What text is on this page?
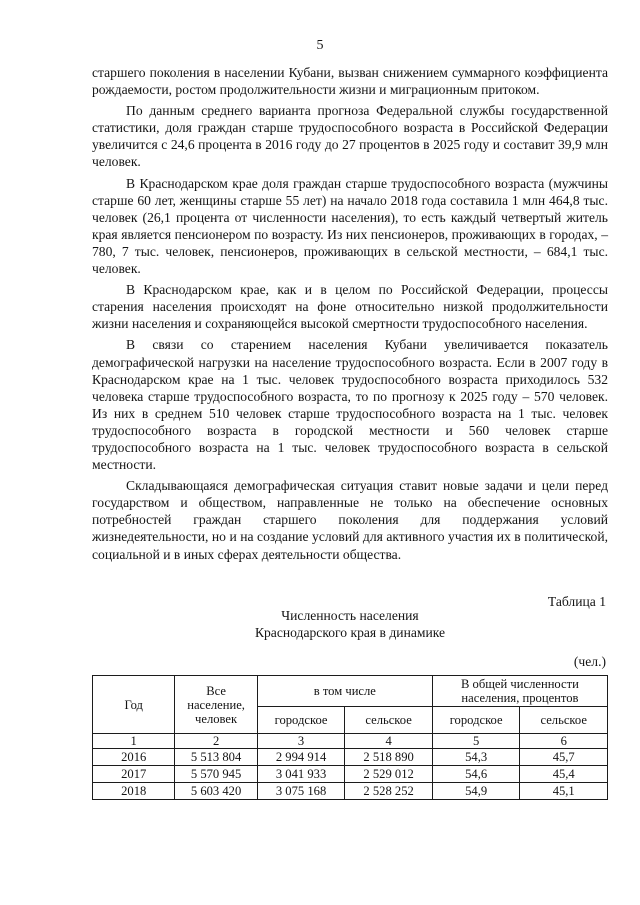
5

старшего поколения в населении Кубани, вызван снижением суммарного коэффициента рождаемости, ростом продолжительности жизни и миграционным притоком.

По данным среднего варианта прогноза Федеральной службы государственной статистики, доля граждан старше трудоспособного возраста в Российской Федерации увеличится с 24,6 процента в 2016 году до 27 процентов в 2025 году и составит 39,9 млн человек.

В Краснодарском крае доля граждан старше трудоспособного возраста (мужчины старше 60 лет, женщины старше 55 лет) на начало 2018 года составила 1 млн 464,8 тыс. человек (26,1 процента от численности населения), то есть каждый четвертый житель края является пенсионером по возрасту. Из них пенсионеров, проживающих в городах, – 780, 7 тыс. человек, пенсионеров, проживающих в сельской местности, – 684,1 тыс. человек.

В Краснодарском крае, как и в целом по Российской Федерации, процессы старения населения происходят на фоне относительно низкой продолжительности жизни населения и сохраняющейся высокой смертности трудоспособного населения.

В связи со старением населения Кубани увеличивается показатель демографической нагрузки на население трудоспособного возраста. Если в 2007 году в Краснодарском крае на 1 тыс. человек трудоспособного возраста приходилось 532 человека старше трудоспособного возраста, то по прогнозу к 2025 году – 570 человек. Из них в среднем 510 человек старше трудоспособного возраста на 1 тыс. человек трудоспособного возраста в городской местности и 560 человек старше трудоспособного возраста на 1 тыс. человек трудоспособного возраста в сельской местности.

Складывающаяся демографическая ситуация ставит новые задачи и цели перед государством и обществом, направленные не только на обеспечение основных потребностей граждан старшего поколения для поддержания условий жизнедеятельности, но и на создание условий для активного участия их в политической, социальной и в иных сферах деятельности общества.

Таблица 1
Численность населения
Краснодарского края в динамике
(чел.)
Год	Все население, человек	в том числе		В общей численности населения, процентов	
		городское	сельское	городское	сельское
1	2	3	4	5	6
2016	5 513 804	2 994 914	2 518 890	54,3	45,7
2017	5 570 945	3 041 933	2 529 012	54,6	45,4
2018	5 603 420	3 075 168	2 528 252	54,9	45,1
